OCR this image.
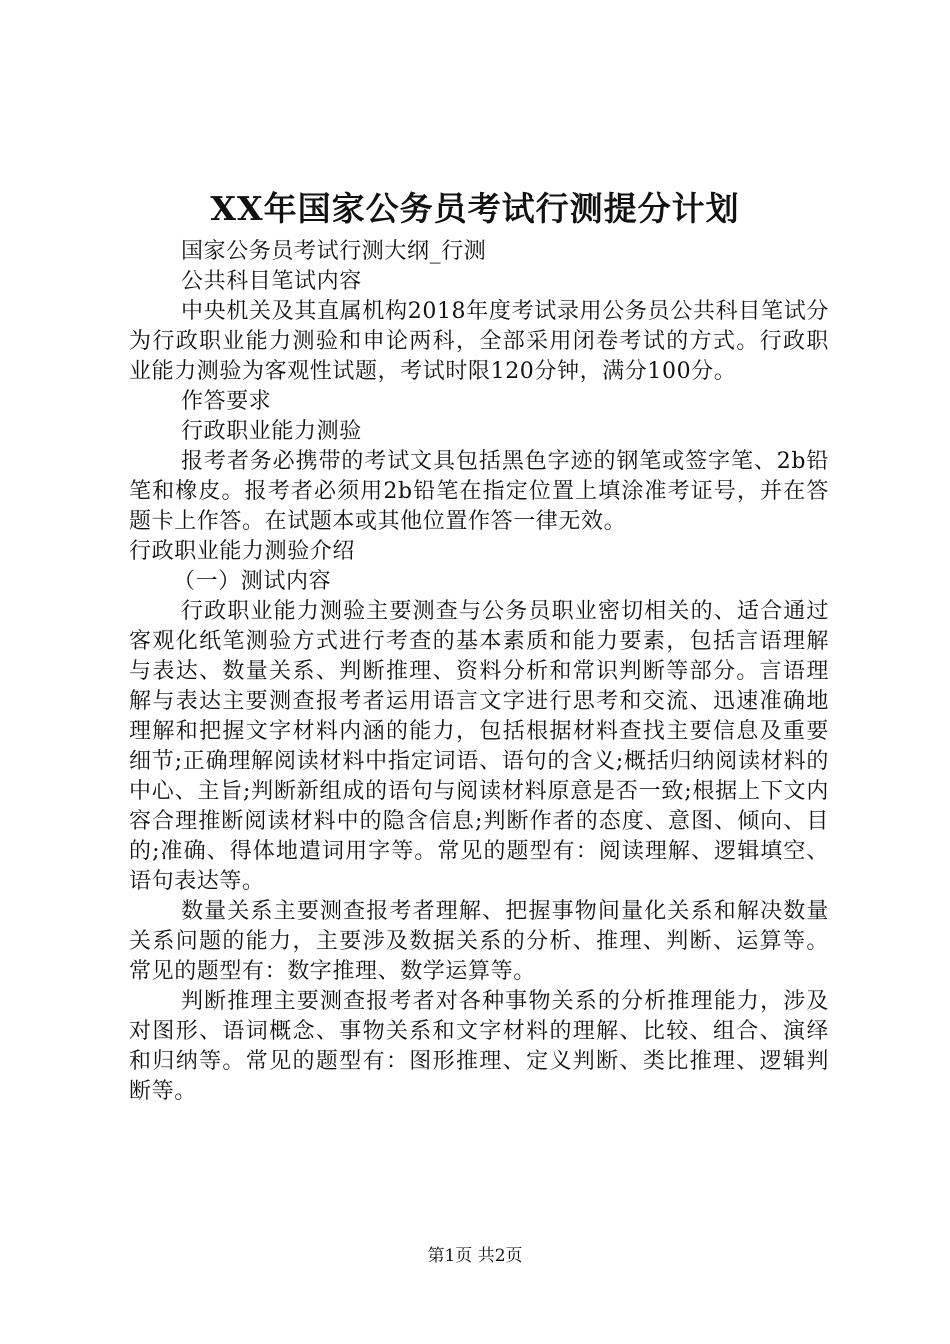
XX年国家公务员考试行测提分计划

国家公务员考试行测大纲_行测

公共科目笔试内容

中央机关及其直属机构2018年度考试录用公务员公共科目笔试分为行政职业能力测验和申论两科，全部采用闭卷考试的方式。行政职业能力测验为客观性试题，考试时限120分钟，满分100分。

作答要求

行政职业能力测验

报考者务必携带的考试文具包括黑色字迹的钢笔或签字笔、2b铅笔和橡皮。报考者必须用2b铅笔在指定位置上填涂准考证号，并在答题卡上作答。在试题本或其他位置作答一律无效。

行政职业能力测验介绍

（一）测试内容

行政职业能力测验主要测查与公务员职业密切相关的、适合通过客观化纸笔测验方式进行考查的基本素质和能力要素，包括言语理解与表达、数量关系、判断推理、资料分析和常识判断等部分。言语理解与表达主要测查报考者运用语言文字进行思考和交流、迅速准确地理解和把握文字材料内涵的能力，包括根据材料查找主要信息及重要细节;正确理解阅读材料中指定词语、语句的含义;概括归纳阅读材料的中心、主旨;判断新组成的语句与阅读材料原意是否一致;根据上下文内容合理推断阅读材料中的隐含信息;判断作者的态度、意图、倾向、目的;准确、得体地遣词用字等。常见的题型有：阅读理解、逻辑填空、语句表达等。

数量关系主要测查报考者理解、把握事物间量化关系和解决数量关系问题的能力，主要涉及数据关系的分析、推理、判断、运算等。常见的题型有：数字推理、数学运算等。

判断推理主要测查报考者对各种事物关系的分析推理能力，涉及对图形、语词概念、事物关系和文字材料的理解、比较、组合、演绎和归纳等。常见的题型有：图形推理、定义判断、类比推理、逻辑判断等。

第1页 共2页
